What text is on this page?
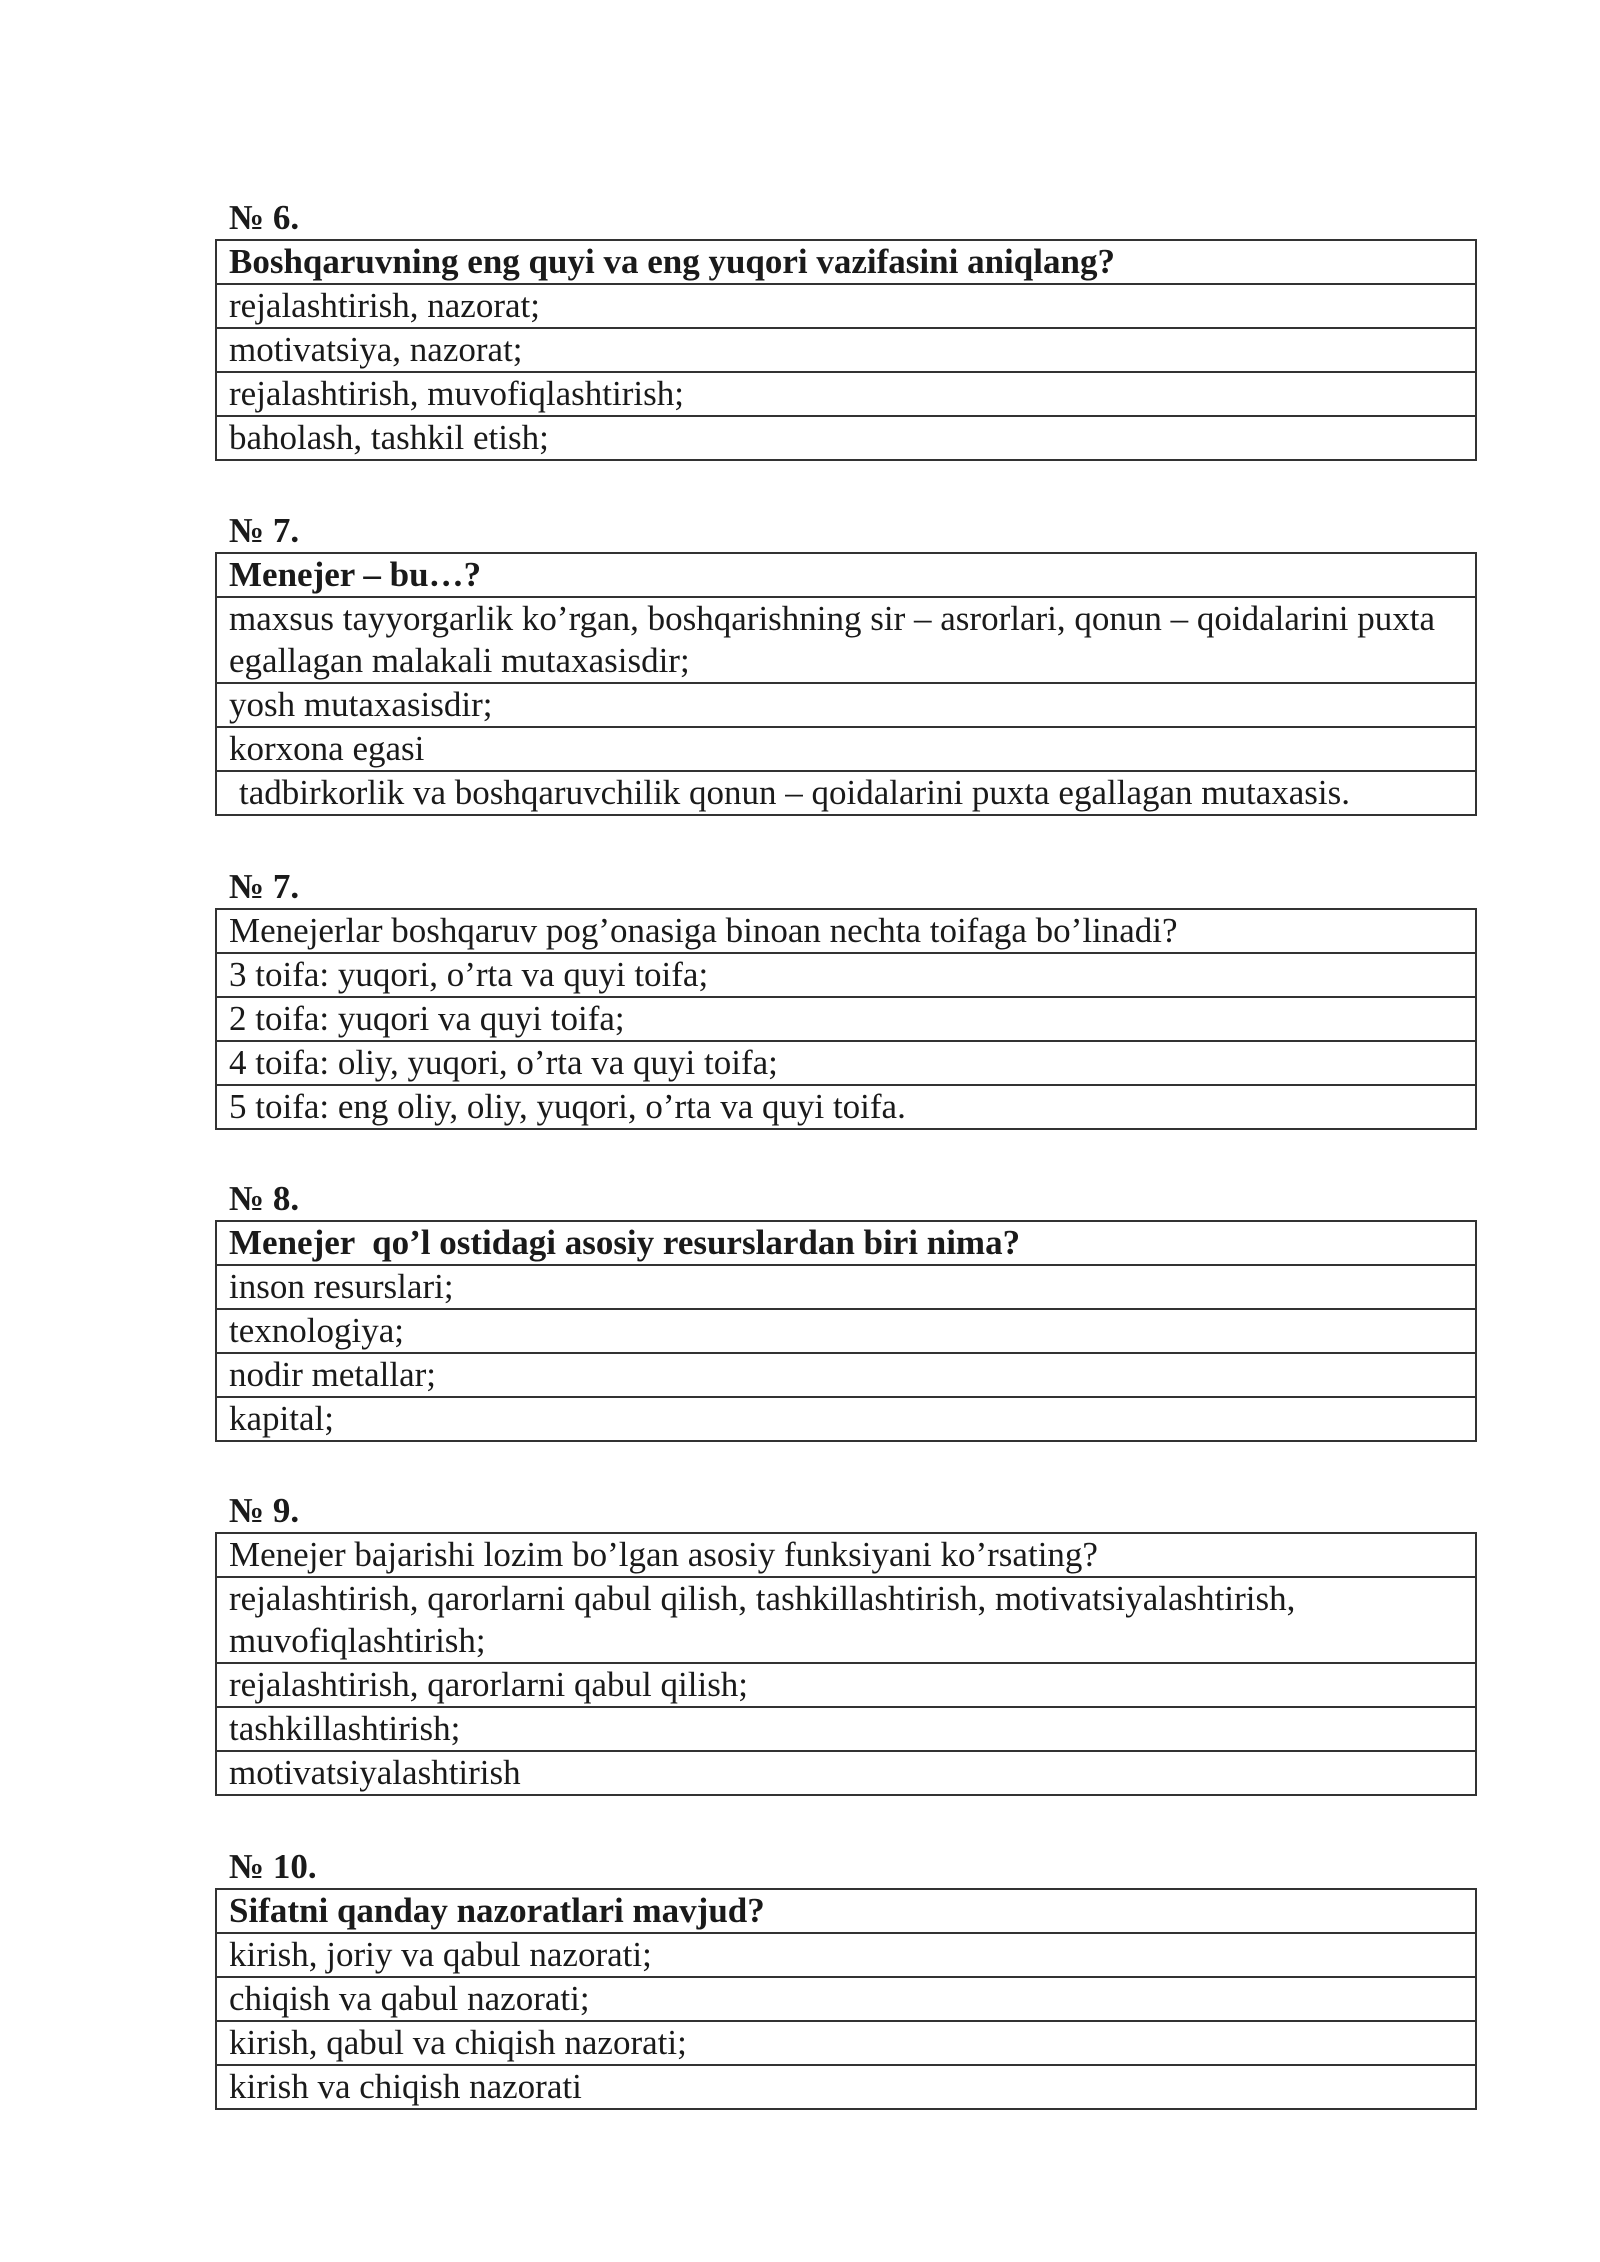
№ 6.
Boshqaruvning eng quyi va eng yuqori vazifasini aniqlang?
rejalashtirish, nazorat;
motivatsiya, nazorat;
rejalashtirish, muvofiqlashtirish;
baholash, tashkil etish;
№ 7.
Menejer – bu…?
maxsus tayyorgarlik ko’rgan, boshqarishning sir – asrorlari, qonun – qoidalarini puxta egallagan malakali mutaxasisdir;
yosh mutaxasisdir;
korxona egasi
tadbirkorlik va boshqaruvchilik qonun – qoidalarini puxta egallagan mutaxasis.
№ 7.
Menejerlar boshqaruv pog’onasiga binoan nechta toifaga bo’linadi?
3 toifa: yuqori, o’rta va quyi toifa;
2 toifa: yuqori va quyi toifa;
4 toifa: oliy, yuqori, o’rta va quyi toifa;
5 toifa: eng oliy, oliy, yuqori, o’rta va quyi toifa.
№ 8.
Menejer  qo’l ostidagi asosiy resurslardan biri nima?
inson resurslari;
texnologiya;
nodir metallar;
kapital;
№ 9.
Menejer bajarishi lozim bo’lgan asosiy funksiyani ko’rsating?
rejalashtirish, qarorlarni qabul qilish, tashkillashtirish, motivatsiyalashtirish, muvofiqlashtirish;
rejalashtirish, qarorlarni qabul qilish;
tashkillashtirish;
motivatsiyalashtirish
№ 10.
Sifatni qanday nazoratlari mavjud?
kirish, joriy va qabul nazorati;
chiqish va qabul nazorati;
kirish, qabul va chiqish nazorati;
kirish va chiqish nazorati
